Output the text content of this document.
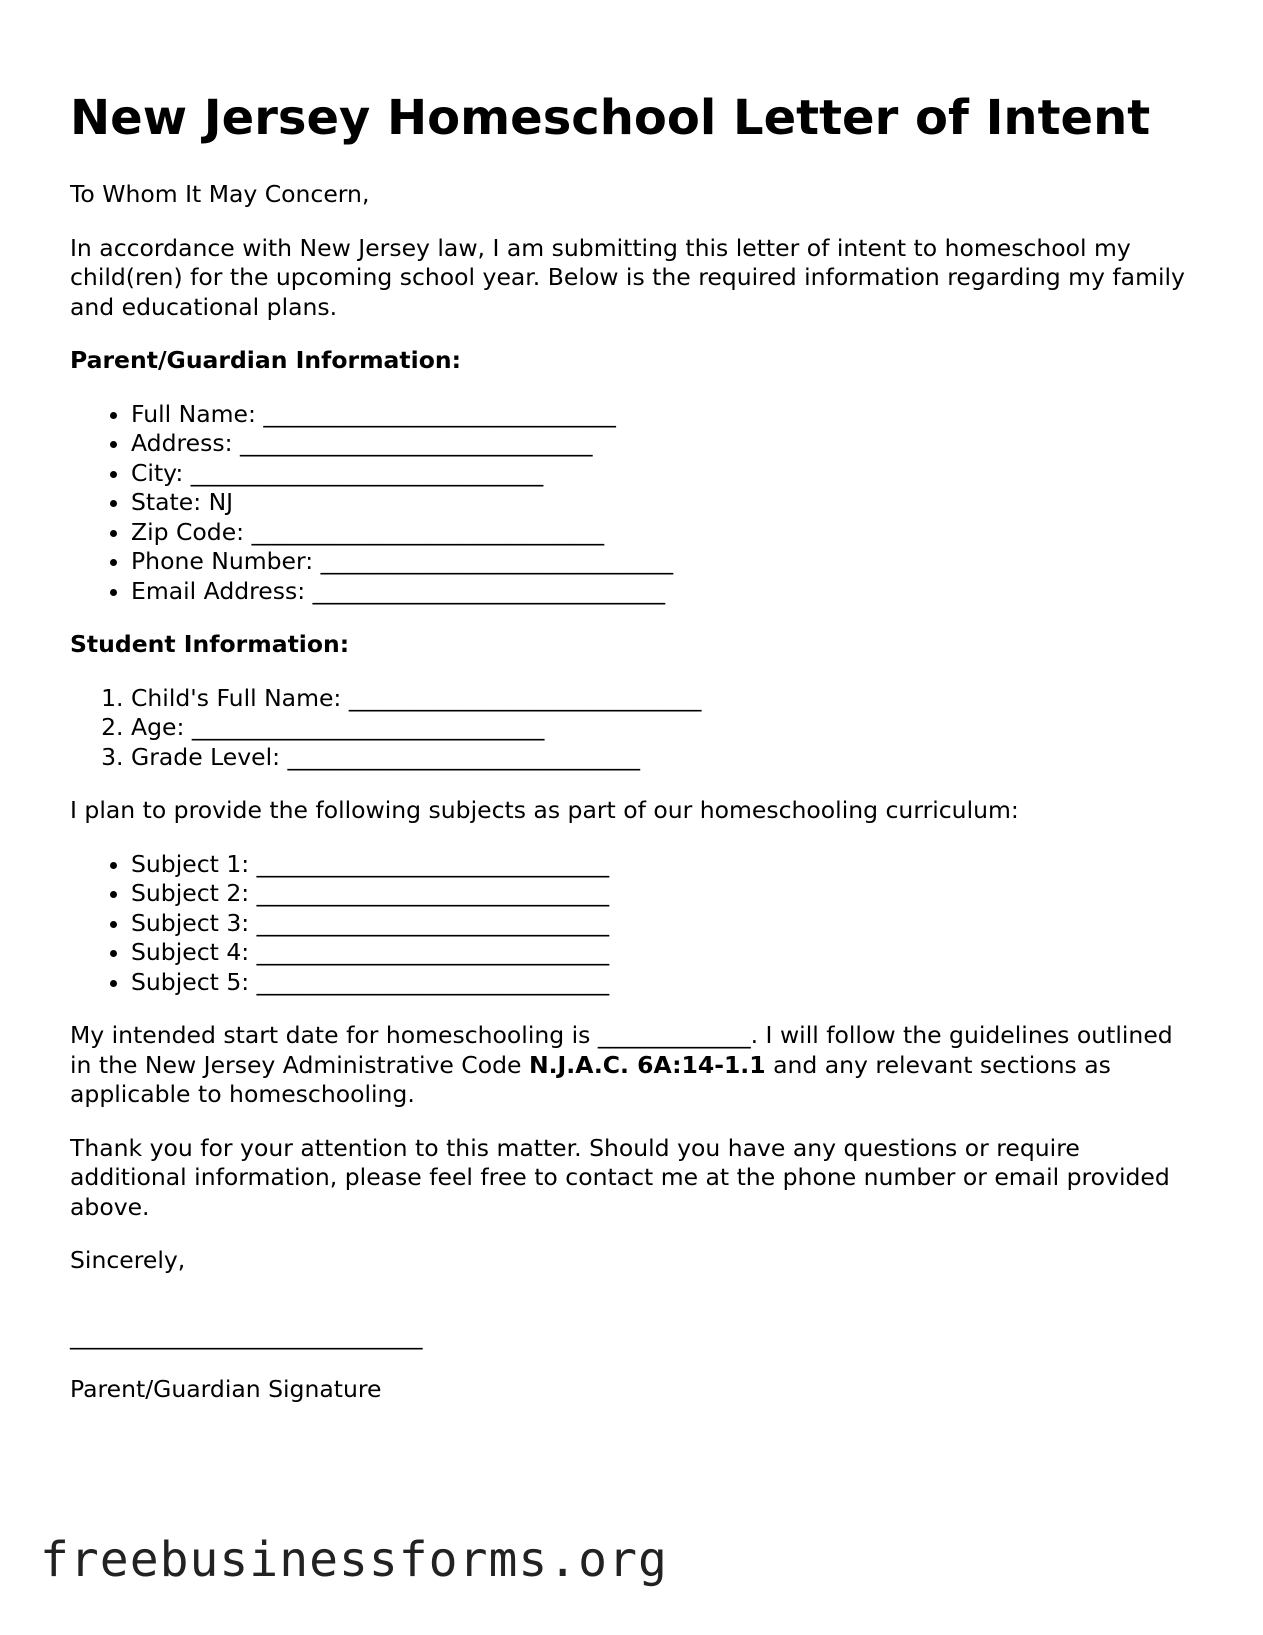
New Jersey Homeschool Letter of Intent

To Whom It May Concern,

In accordance with New Jersey law, I am submitting this letter of intent to homeschool my child(ren) for the upcoming school year. Below is the required information regarding my family and educational plans.

Parent/Guardian Information:

• Full Name: ______________________________
• Address: ______________________________
• City: ______________________________
• State: NJ
• Zip Code: ______________________________
• Phone Number: ______________________________
• Email Address: ______________________________

Student Information:

1. Child's Full Name: ______________________________
2. Age: ______________________________
3. Grade Level: ______________________________

I plan to provide the following subjects as part of our homeschooling curriculum:

• Subject 1: ______________________________
• Subject 2: ______________________________
• Subject 3: ______________________________
• Subject 4: ______________________________
• Subject 5: ______________________________

My intended start date for homeschooling is _____________. I will follow the guidelines outlined in the New Jersey Administrative Code N.J.A.C. 6A:14-1.1 and any relevant sections as applicable to homeschooling.

Thank you for your attention to this matter. Should you have any questions or require additional information, please feel free to contact me at the phone number or email provided above.

Sincerely,

______________________________

Parent/Guardian Signature

freebusinessforms.org
